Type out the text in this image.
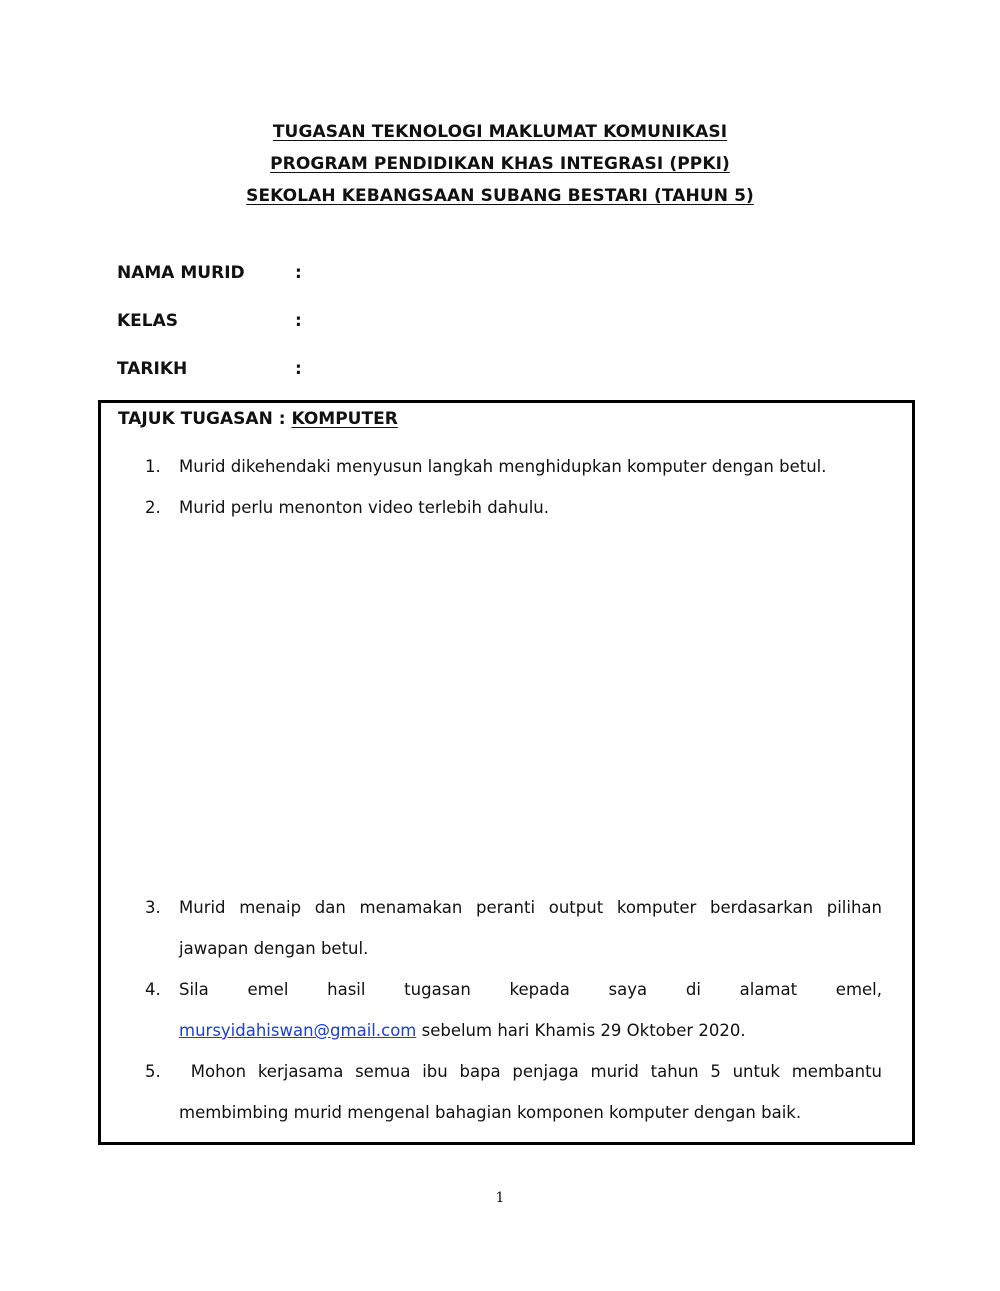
TUGASAN TEKNOLOGI MAKLUMAT KOMUNIKASI
PROGRAM PENDIDIKAN KHAS INTEGRASI (PPKI)
SEKOLAH KEBANGSAAN SUBANG BESTARI (TAHUN 5)
NAMA MURID	:
KELAS	:
TARIKH	:
TAJUK TUGASAN : KOMPUTER
1.	Murid dikehendaki menyusun langkah menghidupkan komputer dengan betul.
2.	Murid perlu menonton video terlebih dahulu.
3.	Murid menaip dan menamakan peranti output komputer berdasarkan pilihan jawapan dengan betul.
4.	Sila emel hasil tugasan kepada saya di alamat emel,
mursyidahiswan@gmail.com sebelum hari Khamis 29 Oktober 2020.
5.	Mohon kerjasama semua ibu bapa penjaga murid tahun 5 untuk membantu membimbing murid mengenal bahagian komponen komputer dengan baik.
1
